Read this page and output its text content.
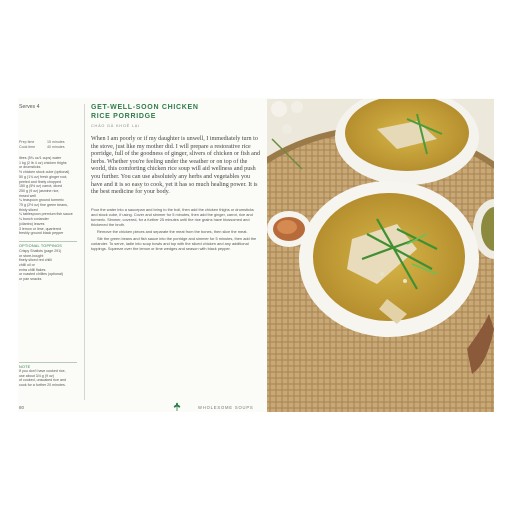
Serves 4
Prep time	15 minutes
Cook time	40 minutes
litres (5¾ oz/1 cups) water
1 kg (2 lb 4 oz) chicken thighs
or drumsticks
½ chicken stock cube (optional)
50 g (1¾ oz) fresh ginger root,
peeled and finely chopped
150 g (5½ oz) carrot, diced
250 g (9 oz) jasmine rice,
rinsed well
¼ teaspoon ground turmeric
75 g (2½ oz) fine green beans,
thinly sliced
¼ tablespoon premium fish sauce
¼ bunch coriander
(cilantro) leaves
3 lemon or lime, quartered
freshly ground black pepper
OPTIONAL TOPPINGS
Crispy Shallots (page 291)
or store-bought
finely sliced red chilli
chilli oil or
extra chilli flakes
or roasted chillies (optional)
or pan snacks
NOTE
If you don't have cooked rice,
use about 3/4 g (9 oz)
of cooked, unsoaked rice and
cook for a further 20 minutes.
GET-WELL-SOON CHICKEN
RICE PORRIDGE
CHÁO GÀ KHOẺ LẠI
When I am poorly or if my daughter is unwell, I immediately turn to the stove, just like my mother did. I will prepare a restorative rice porridge, full of the goodness of ginger, slivers of chicken or fish and herbs. Whether you're feeling under the weather or on top of the world, this comforting chicken rice soup will aid wellness and push you further. You can use absolutely any herbs and vegetables you have and it is so easy to cook, yet it has so much healing power. It is the best medicine for your body.

Pour the water into a saucepan and bring to the boil, then add the chicken thighs or drumsticks and stock cube, if using. Cover and simmer for 5 minutes, then add the ginger, carrot, rice and turmeric. Simmer, covered, for a further 25 minutes until the rice grains have blossomed and thickened the broth.

Remove the chicken pieces and separate the meat from the bones, then slice the meat.

Stir the green beans and fish sauce into the porridge and simmer for 5 minutes, then add the coriander. To serve, ladle into soup bowls and top with the sliced chicken and any additional toppings. Squeeze over the lemon or lime wedges and season with black pepper.

80	WHOLESOME SOUPS
